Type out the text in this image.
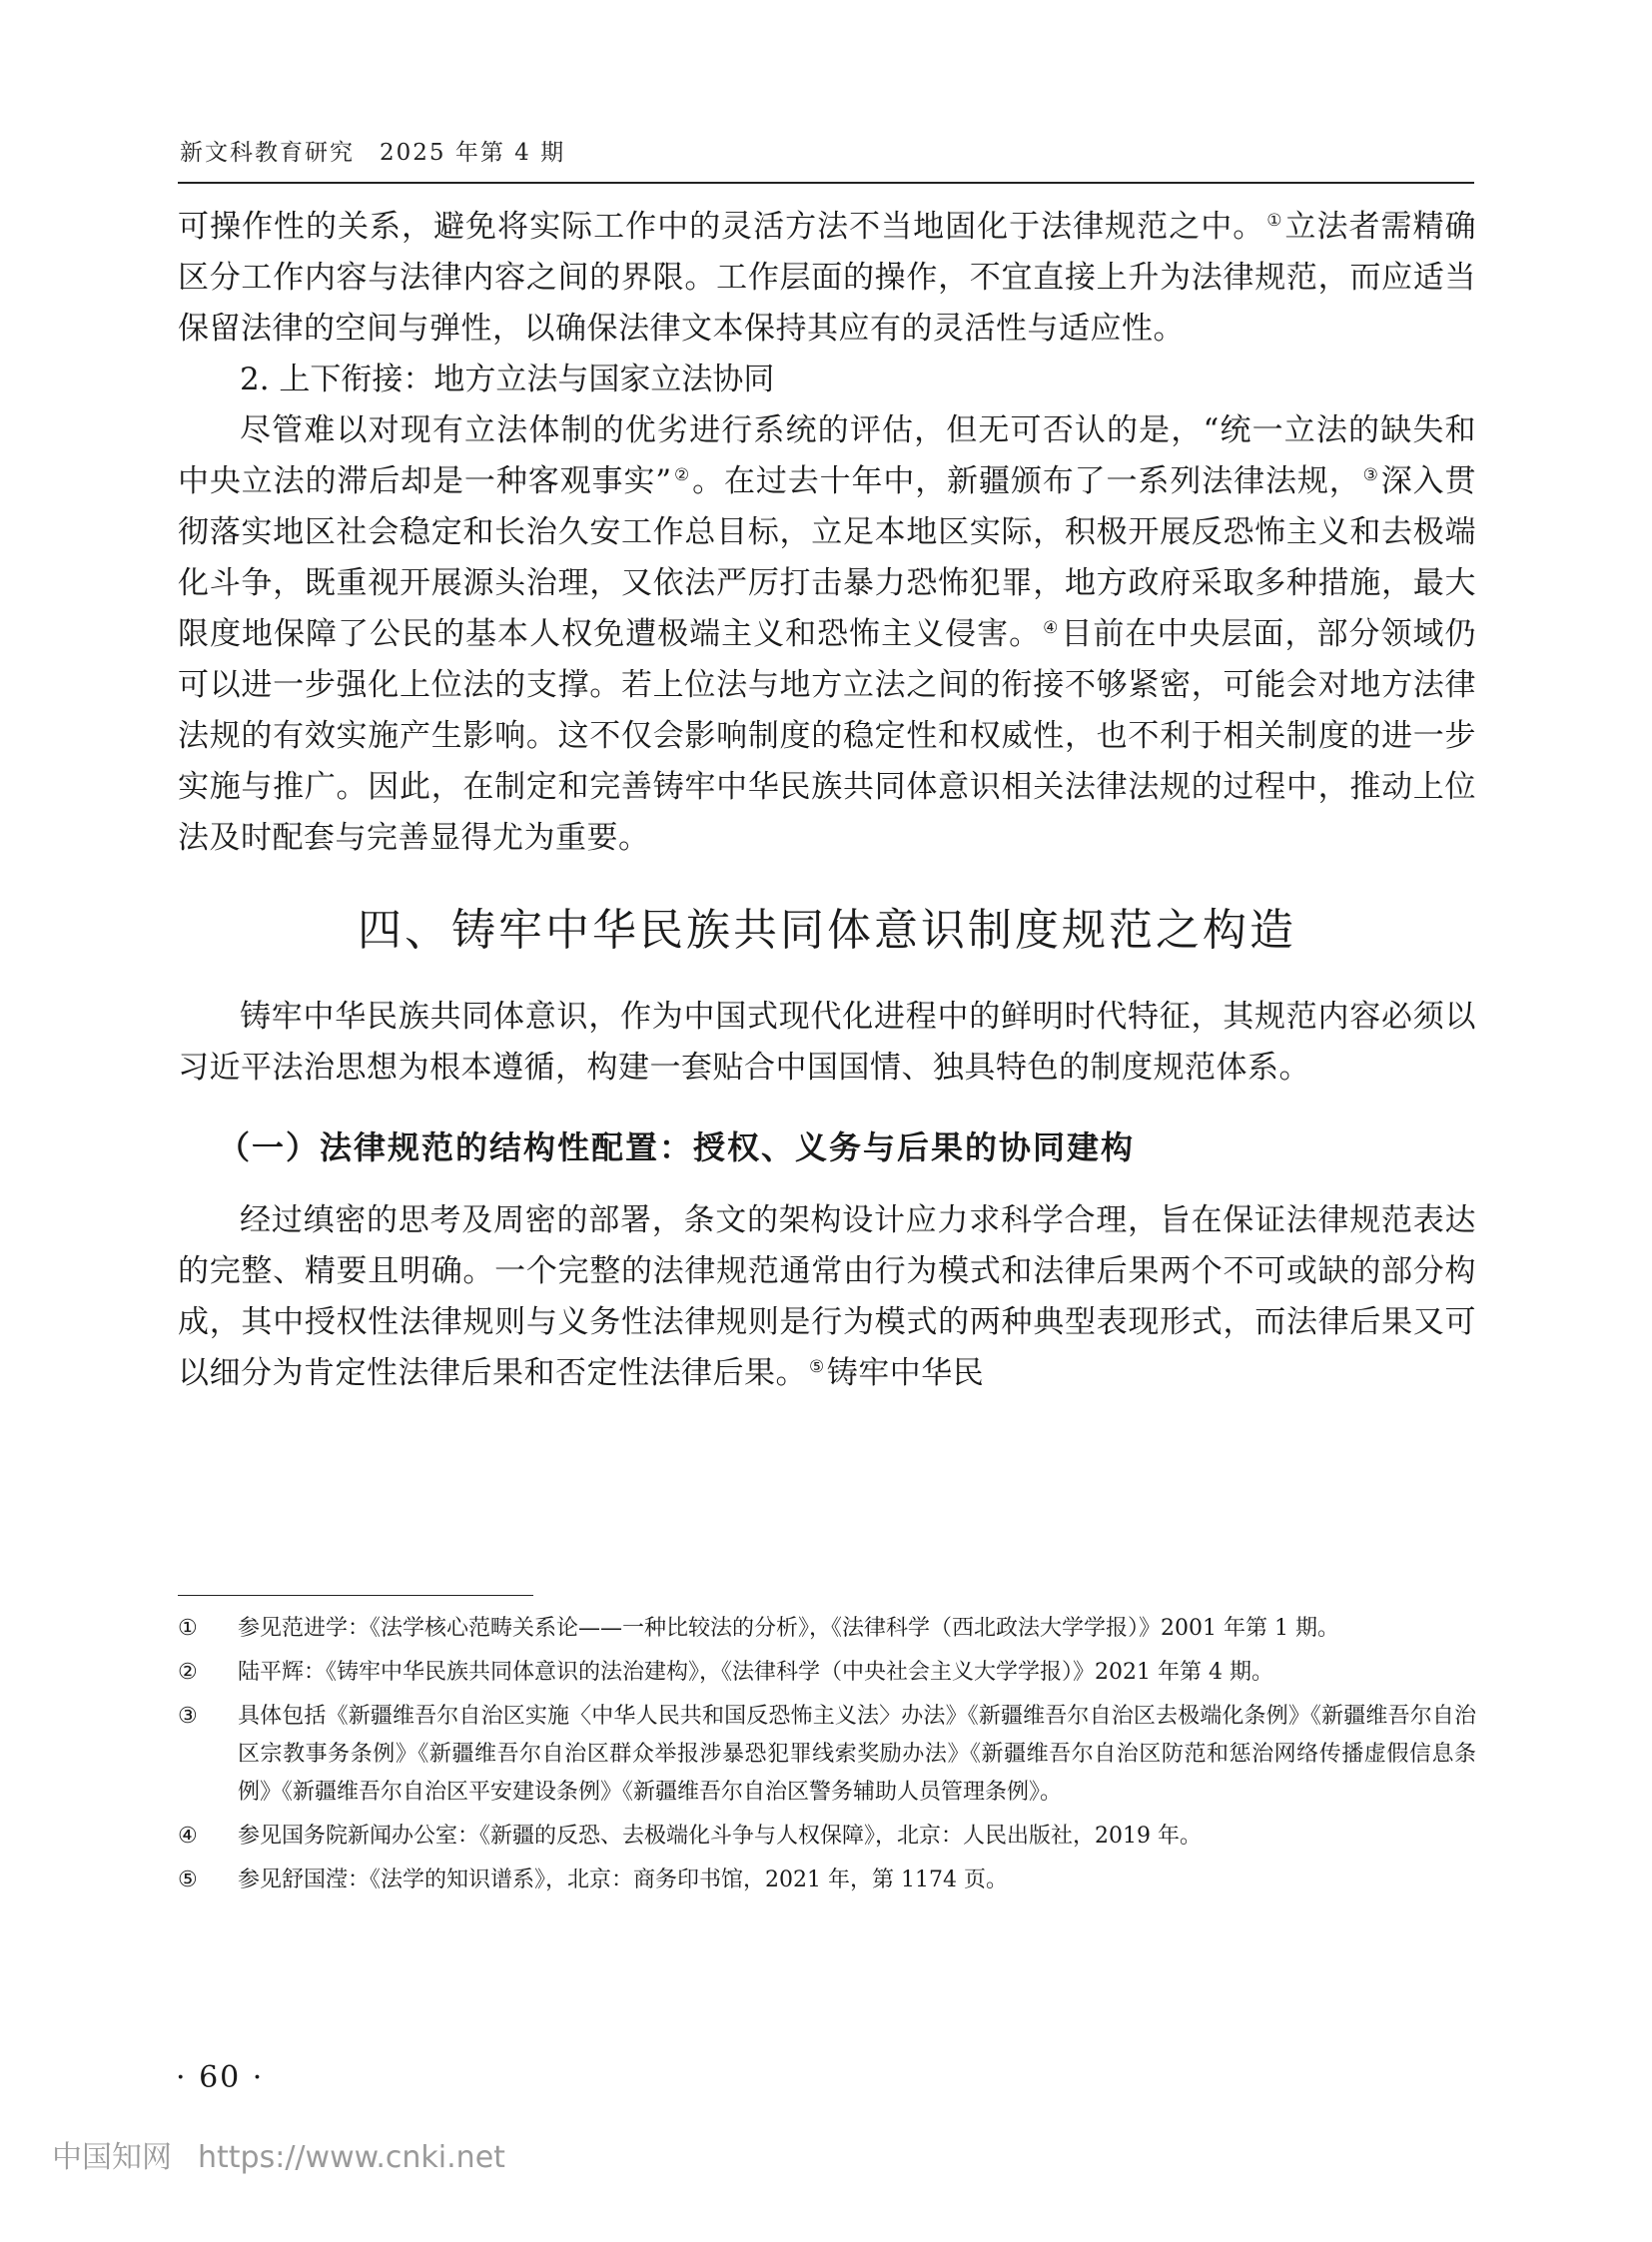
新文科教育研究　2025 年第 4 期

可操作性的关系，避免将实际工作中的灵活方法不当地固化于法律规范之中。 ①立法者需精确区分工作内容与法律内容之间的界限。工作层面的操作，不宜直接上升为法律规范，而应适当保留法律的空间与弹性，以确保法律文本保持其应有的灵活性与适应性。

2. 上下衔接：地方立法与国家立法协同

尽管难以对现有立法体制的优劣进行系统的评估，但无可否认的是，“统一立法的缺失和中央立法的滞后却是一种客观事实” ②。在过去十年中，新疆颁布了一系列法律法规， ③深入贯彻落实地区社会稳定和长治久安工作总目标，立足本地区实际，积极开展反恐怖主义和去极端化斗争，既重视开展源头治理，又依法严厉打击暴力恐怖犯罪，地方政府采取多种措施，最大限度地保障了公民的基本人权免遭极端主义和恐怖主义侵害。 ④目前在中央层面，部分领域仍可以进一步强化上位法的支撑。若上位法与地方立法之间的衔接不够紧密，可能会对地方法律法规的有效实施产生影响。这不仅会影响制度的稳定性和权威性，也不利于相关制度的进一步实施与推广。因此，在制定和完善铸牢中华民族共同体意识相关法律法规的过程中，推动上位法及时配套与完善显得尤为重要。

四、铸牢中华民族共同体意识制度规范之构造

铸牢中华民族共同体意识，作为中国式现代化进程中的鲜明时代特征，其规范内容必须以习近平法治思想为根本遵循，构建一套贴合中国国情、独具特色的制度规范体系。

（一）法律规范的结构性配置：授权、义务与后果的协同建构

经过缜密的思考及周密的部署，条文的架构设计应力求科学合理，旨在保证法律规范表达的完整、精要且明确。一个完整的法律规范通常由行为模式和法律后果两个不可或缺的部分构成，其中授权性法律规则与义务性法律规则是行为模式的两种典型表现形式，而法律后果又可以细分为肯定性法律后果和否定性法律后果。 ⑤铸牢中华民

①	参见范进学：《法学核心范畴关系论——一种比较法的分析》，《法律科学（西北政法大学学报）》2001 年第 1 期。
②	陆平辉：《铸牢中华民族共同体意识的法治建构》，《法律科学（中央社会主义大学学报）》2021 年第 4 期。
③	具体包括《新疆维吾尔自治区实施〈中华人民共和国反恐怖主义法〉办法》《新疆维吾尔自治区去极端化条例》《新疆维吾尔自治区宗教事务条例》《新疆维吾尔自治区群众举报涉暴恐犯罪线索奖励办法》《新疆维吾尔自治区防范和惩治网络传播虚假信息条例》《新疆维吾尔自治区平安建设条例》《新疆维吾尔自治区警务辅助人员管理条例》。
④	参见国务院新闻办公室：《新疆的反恐、去极端化斗争与人权保障》，北京：人民出版社，2019 年。
⑤	参见舒国滢：《法学的知识谱系》，北京：商务印书馆，2021 年，第 1174 页。
· 60 ·
中国知网 https://www.cnki.net
